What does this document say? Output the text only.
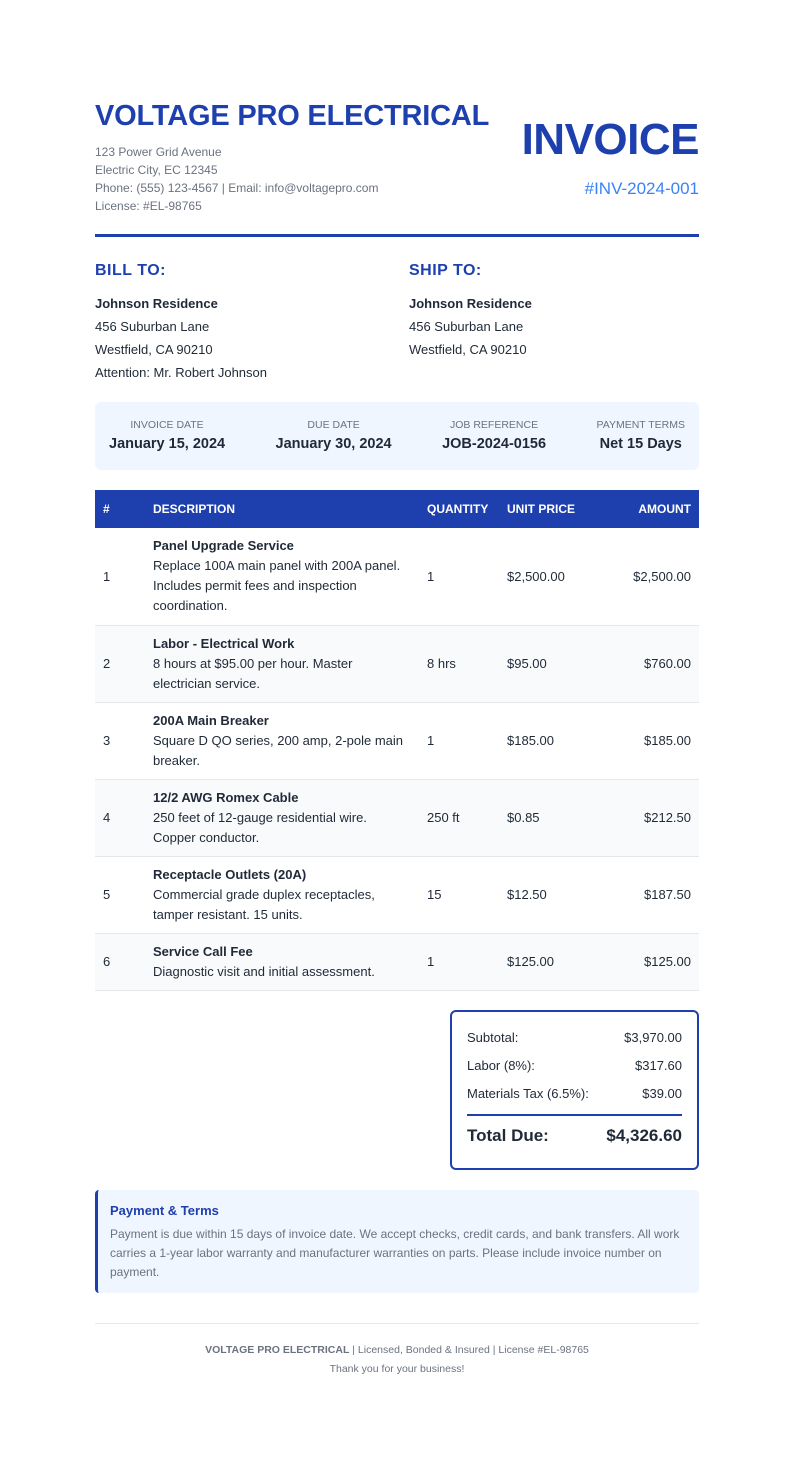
VOLTAGE PRO ELECTRICAL
123 Power Grid Avenue
Electric City, EC 12345
Phone: (555) 123-4567 | Email: info@voltagepro.com
License: #EL-98765
INVOICE
#INV-2024-001
BILL TO:
Johnson Residence
456 Suburban Lane
Westfield, CA 90210
Attention: Mr. Robert Johnson
SHIP TO:
Johnson Residence
456 Suburban Lane
Westfield, CA 90210
INVOICE DATE
January 15, 2024
DUE DATE
January 30, 2024
JOB REFERENCE
JOB-2024-0156
PAYMENT TERMS
Net 15 Days
#	DESCRIPTION	QUANTITY	UNIT PRICE	AMOUNT
1	Panel Upgrade Service
Replace 100A main panel with 200A panel. Includes permit fees and inspection coordination.	1	$2,500.00	$2,500.00
2	Labor - Electrical Work
8 hours at $95.00 per hour. Master electrician service.	8 hrs	$95.00	$760.00
3	200A Main Breaker
Square D QO series, 200 amp, 2-pole main breaker.	1	$185.00	$185.00
4	12/2 AWG Romex Cable
250 feet of 12-gauge residential wire. Copper conductor.	250 ft	$0.85	$212.50
5	Receptacle Outlets (20A)
Commercial grade duplex receptacles, tamper resistant. 15 units.	15	$12.50	$187.50
6	Service Call Fee
Diagnostic visit and initial assessment.	1	$125.00	$125.00
Subtotal:	$3,970.00
Labor (8%):	$317.60
Materials Tax (6.5%):	$39.00
Total Due:	$4,326.60
Payment & Terms
Payment is due within 15 days of invoice date. We accept checks, credit cards, and bank transfers. All work carries a 1-year labor warranty and manufacturer warranties on parts. Please include invoice number on payment.
VOLTAGE PRO ELECTRICAL | Licensed, Bonded & Insured | License #EL-98765
Thank you for your business!
